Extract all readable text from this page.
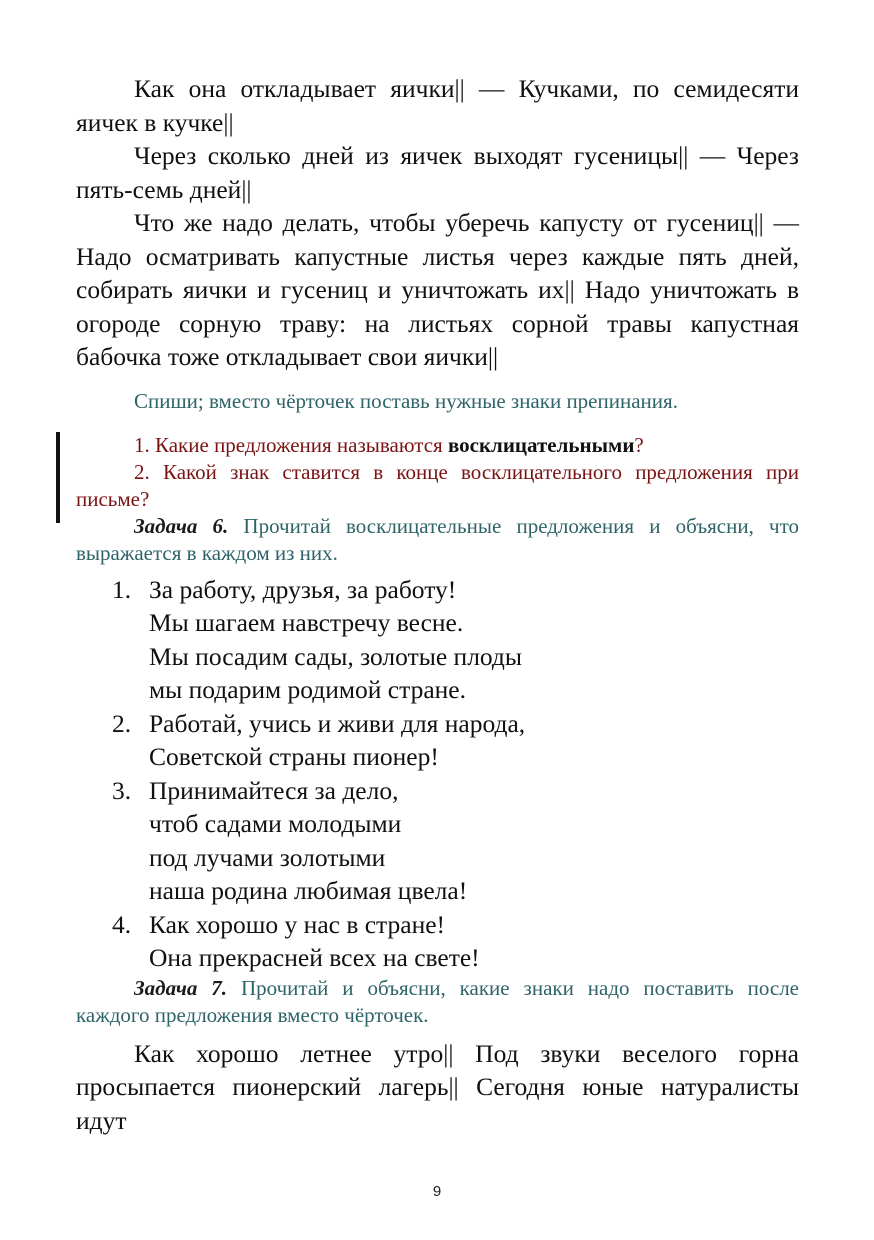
Как она откладывает яички|| — Кучками, по семидесяти яичек в кучке||

Через сколько дней из яичек выходят гусеницы|| — Через пять-семь дней||

Что же надо делать, чтобы уберечь капусту от гусениц|| — Надо осматривать капустные листья через каждые пять дней, собирать яички и гусениц и уничтожать их|| Надо уничтожать в огороде сорную траву: на листьях сорной травы капустная бабочка тоже откладывает свои яички||

Спиши; вместо чёрточек поставь нужные знаки препинания.

1. Какие предложения называются восклицательными?

2. Какой знак ставится в конце восклицательного предложения при письме?

Задача 6. Прочитай восклицательные предложения и объясни, что выражается в каждом из них.

1. За работу, друзья, за работу!
Мы шагаем навстречу весне.
Мы посадим сады, золотые плоды
мы подарим родимой стране.
2. Работай, учись и живи для народа,
Советской страны пионер!
3. Принимайтеся за дело,
чтоб садами молодыми
под лучами золотыми
наша родина любимая цвела!
4. Как хорошо у нас в стране!
Она прекрасней всех на свете!

Задача 7. Прочитай и объясни, какие знаки надо поставить после каждого предложения вместо чёрточек.

Как хорошо летнее утро|| Под звуки веселого горна просыпается пионерский лагерь|| Сегодня юные натуралисты идут

9
